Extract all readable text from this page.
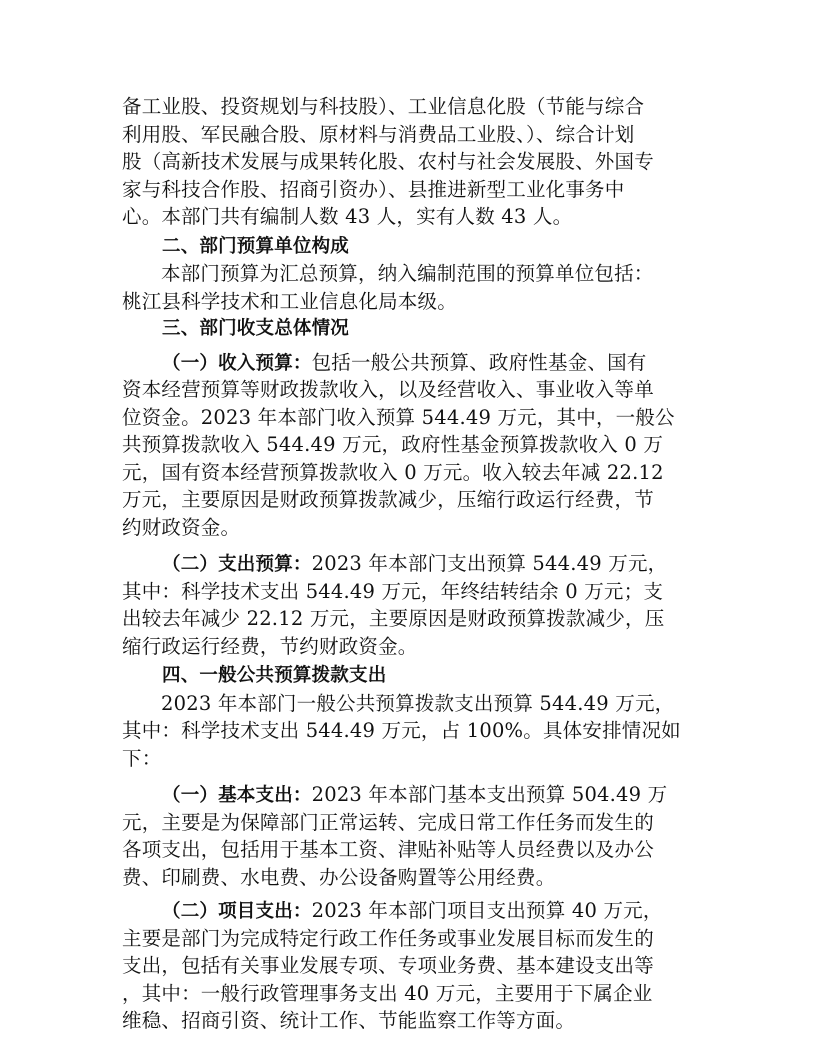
备工业股、投资规划与科技股）、工业信息化股（节能与综合
利用股、军民融合股、原材料与消费品工业股、）、综合计划
股（高新技术发展与成果转化股、农村与社会发展股、外国专
家与科技合作股、招商引资办）、县推进新型工业化事务中
心。本部门共有编制人数 43 人，实有人数 43 人。
二、部门预算单位构成
本部门预算为汇总预算，纳入编制范围的预算单位包括：
桃江县科学技术和工业信息化局本级。
三、部门收支总体情况
（一）收入预算：包括一般公共预算、政府性基金、国有
资本经营预算等财政拨款收入，以及经营收入、事业收入等单
位资金。2023 年本部门收入预算 544.49 万元，其中，一般公
共预算拨款收入 544.49 万元，政府性基金预算拨款收入 0 万
元，国有资本经营预算拨款收入 0 万元。收入较去年减 22.12
万元，主要原因是财政预算拨款减少，压缩行政运行经费，节
约财政资金。
（二）支出预算：2023 年本部门支出预算 544.49 万元，
其中：科学技术支出 544.49 万元，年终结转结余 0 万元；支
出较去年减少 22.12 万元，主要原因是财政预算拨款减少，压
缩行政运行经费，节约财政资金。
四、一般公共预算拨款支出
2023 年本部门一般公共预算拨款支出预算 544.49 万元，
其中：科学技术支出 544.49 万元，占 100%。具体安排情况如
下：
（一）基本支出：2023 年本部门基本支出预算 504.49 万
元，主要是为保障部门正常运转、完成日常工作任务而发生的
各项支出，包括用于基本工资、津贴补贴等人员经费以及办公
费、印刷费、水电费、办公设备购置等公用经费。
（二）项目支出：2023 年本部门项目支出预算 40 万元，
主要是部门为完成特定行政工作任务或事业发展目标而发生的
支出，包括有关事业发展专项、专项业务费、基本建设支出等
，其中：一般行政管理事务支出 40 万元，主要用于下属企业
维稳、招商引资、统计工作、节能监察工作等方面。
